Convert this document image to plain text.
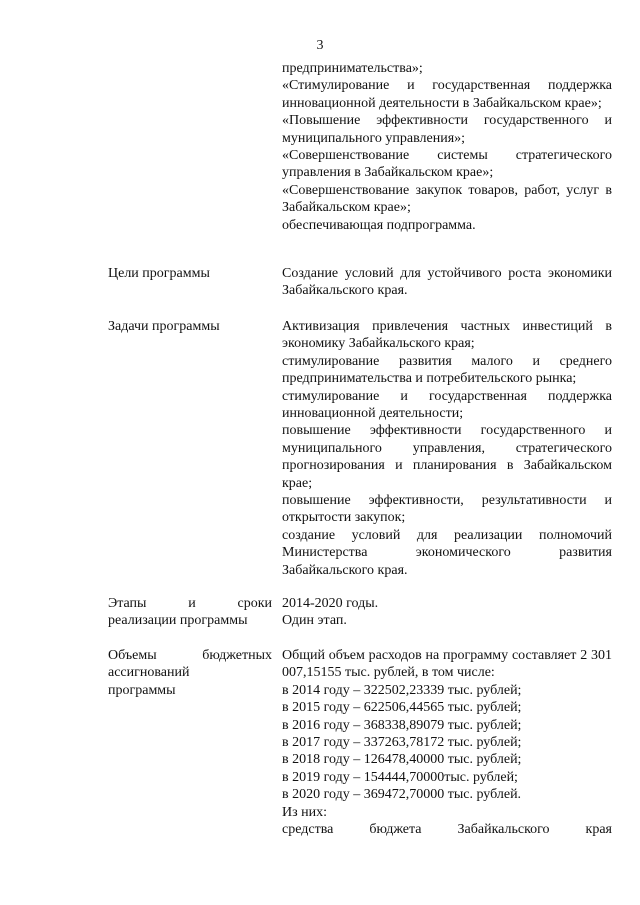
3
предпринимательства»;
«Стимулирование и государственная поддержка инновационной деятельности в Забайкальском крае»;
«Повышение эффективности государственного и муниципального управления»;
«Совершенствование системы стратегического управления в Забайкальском крае»;
«Совершенствование закупок товаров, работ, услуг в Забайкальском крае»;
обеспечивающая подпрограмма.
Цели программы	Создание условий для устойчивого роста экономики Забайкальского края.
Задачи программы	Активизация привлечения частных инвестиций в экономику Забайкальского края;
стимулирование развития малого и среднего предпринимательства и потребительского рынка;
стимулирование и государственная поддержка инновационной деятельности;
повышение эффективности государственного и муниципального управления, стратегического прогнозирования и планирования в Забайкальском крае;
повышение эффективности, результативности и открытости закупок;
создание условий для реализации полномочий Министерства экономического развития Забайкальского края.
Этапы и сроки
реализации программы
2014-2020 годы.
Один этап.
Объемы бюджетных
ассигнований
программы
Общий объем расходов на программу составляет 2 301 007,15155 тыс. рублей, в том числе:
в 2014 году – 322502,23339 тыс. рублей;
в 2015 году – 622506,44565 тыс. рублей;
в 2016 году – 368338,89079 тыс. рублей;
в 2017 году – 337263,78172 тыс. рублей;
в 2018 году – 126478,40000 тыс. рублей;
в 2019 году – 154444,70000тыс. рублей;
в 2020 году – 369472,70000 тыс. рублей.
Из них:
средства бюджета Забайкальского края
